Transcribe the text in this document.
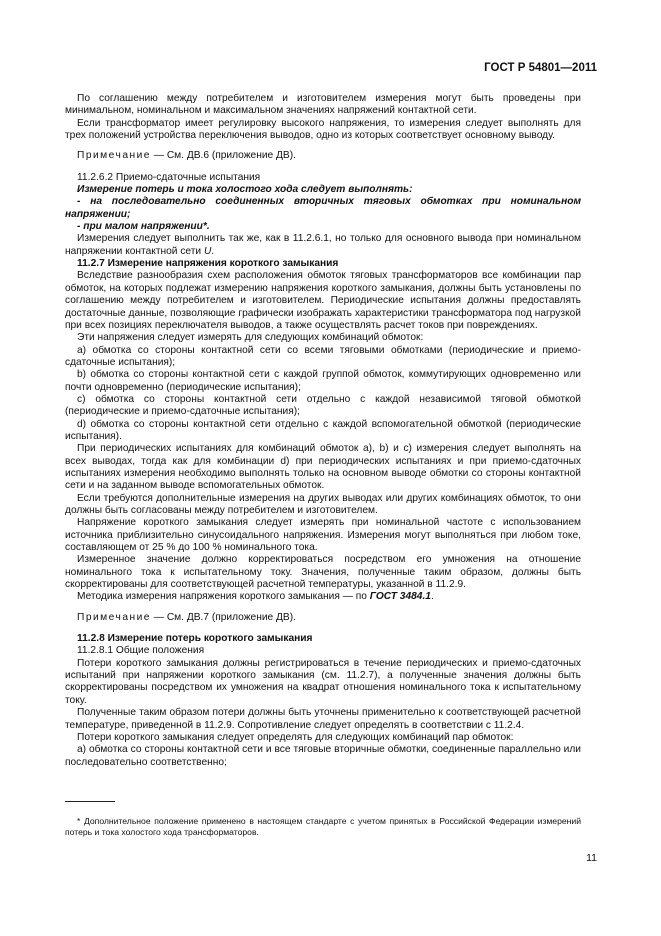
ГОСТ Р 54801—2011

По соглашению между потребителем и изготовителем измерения могут быть проведены при минимальном, номинальном и максимальном значениях напряжений контактной сети.

Если трансформатор имеет регулировку высокого напряжения, то измерения следует выполнять для трех положений устройства переключения выводов, одно из которых соответствует основному выводу.

Примечание — См. ДВ.6 (приложение ДВ).

11.2.6.2 Приемо-сдаточные испытания

Измерение потерь и тока холостого хода следует выполнять:

- на последовательно соединенных вторичных тяговых обмотках при номинальном напряжении;

- при малом напряжении*.

Измерения следует выполнить так же, как в 11.2.6.1, но только для основного вывода при номинальном напряжении контактной сети U.

11.2.7 Измерение напряжения короткого замыкания

Вследствие разнообразия схем расположения обмоток тяговых трансформаторов все комбинации пар обмоток, на которых подлежат измерению напряжения короткого замыкания, должны быть установлены по соглашению между потребителем и изготовителем. Периодические испытания должны предоставлять достаточные данные, позволяющие графически изображать характеристики трансформатора под нагрузкой при всех позициях переключателя выводов, а также осуществлять расчет токов при повреждениях.

Эти напряжения следует измерять для следующих комбинаций обмоток:

a) обмотка со стороны контактной сети со всеми тяговыми обмотками (периодические и приемо-сдаточные испытания);

b) обмотка со стороны контактной сети с каждой группой обмоток, коммутирующих одновременно или почти одновременно (периодические испытания);

c) обмотка со стороны контактной сети отдельно с каждой независимой тяговой обмоткой (периодические и приемо-сдаточные испытания);

d) обмотка со стороны контактной сети отдельно с каждой вспомогательной обмоткой (периодические испытания).

При периодических испытаниях для комбинаций обмоток a), b) и c) измерения следует выполнять на всех выводах, тогда как для комбинации d) при периодических испытаниях и при приемо-сдаточных испытаниях измерения необходимо выполнять только на основном выводе обмотки со стороны контактной сети и на заданном выводе вспомогательных обмоток.

Если требуются дополнительные измерения на других выводах или других комбинациях обмоток, то они должны быть согласованы между потребителем и изготовителем.

Напряжение короткого замыкания следует измерять при номинальной частоте с использованием источника приблизительно синусоидального напряжения. Измерения могут выполняться при любом токе, составляющем от 25 % до 100 % номинального тока.

Измеренное значение должно корректироваться посредством его умножения на отношение номинального тока к испытательному току. Значения, полученные таким образом, должны быть скорректированы для соответствующей расчетной температуры, указанной в 11.2.9.

Методика измерения напряжения короткого замыкания — по ГОСТ 3484.1.

Примечание — См. ДВ.7 (приложение ДВ).

11.2.8 Измерение потерь короткого замыкания

11.2.8.1 Общие положения

Потери короткого замыкания должны регистрироваться в течение периодических и приемо-сдаточных испытаний при напряжении короткого замыкания (см. 11.2.7), а полученные значения должны быть скорректированы посредством их умножения на квадрат отношения номинального тока к испытательному току.

Полученные таким образом потери должны быть уточнены применительно к соответствующей расчетной температуре, приведенной в 11.2.9. Сопротивление следует определять в соответствии с 11.2.4.

Потери короткого замыкания следует определять для следующих комбинаций пар обмоток:

a) обмотка со стороны контактной сети и все тяговые вторичные обмотки, соединенные параллельно или последовательно соответственно;

* Дополнительное положение применено в настоящем стандарте с учетом принятых в Российской Федерации измерений потерь и тока холостого хода трансформаторов.

11
